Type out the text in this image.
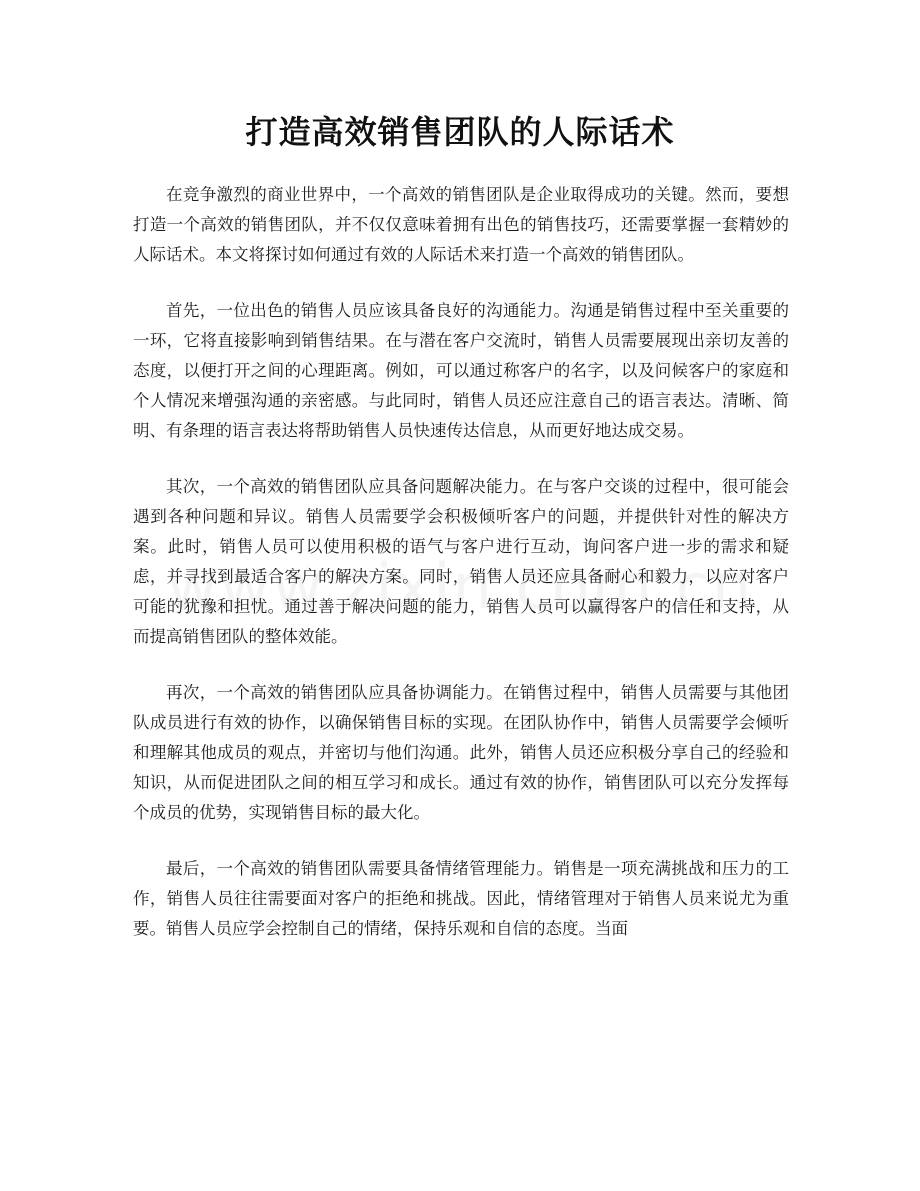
打造高效销售团队的人际话术

在竞争激烈的商业世界中，一个高效的销售团队是企业取得成功的关键。然而，要想打造一个高效的销售团队，并不仅仅意味着拥有出色的销售技巧，还需要掌握一套精妙的人际话术。本文将探讨如何通过有效的人际话术来打造一个高效的销售团队。

首先，一位出色的销售人员应该具备良好的沟通能力。沟通是销售过程中至关重要的一环，它将直接影响到销售结果。在与潜在客户交流时，销售人员需要展现出亲切友善的态度，以便打开之间的心理距离。例如，可以通过称客户的名字，以及问候客户的家庭和个人情况来增强沟通的亲密感。与此同时，销售人员还应注意自己的语言表达。清晰、简明、有条理的语言表达将帮助销售人员快速传达信息，从而更好地达成交易。

其次，一个高效的销售团队应具备问题解决能力。在与客户交谈的过程中，很可能会遇到各种问题和异议。销售人员需要学会积极倾听客户的问题，并提供针对性的解决方案。此时，销售人员可以使用积极的语气与客户进行互动，询问客户进一步的需求和疑虑，并寻找到最适合客户的解决方案。同时，销售人员还应具备耐心和毅力，以应对客户可能的犹豫和担忧。通过善于解决问题的能力，销售人员可以赢得客户的信任和支持，从而提高销售团队的整体效能。

再次，一个高效的销售团队应具备协调能力。在销售过程中，销售人员需要与其他团队成员进行有效的协作，以确保销售目标的实现。在团队协作中，销售人员需要学会倾听和理解其他成员的观点，并密切与他们沟通。此外，销售人员还应积极分享自己的经验和知识，从而促进团队之间的相互学习和成长。通过有效的协作，销售团队可以充分发挥每个成员的优势，实现销售目标的最大化。

最后，一个高效的销售团队需要具备情绪管理能力。销售是一项充满挑战和压力的工作，销售人员往往需要面对客户的拒绝和挑战。因此，情绪管理对于销售人员来说尤为重要。销售人员应学会控制自己的情绪，保持乐观和自信的态度。当面
